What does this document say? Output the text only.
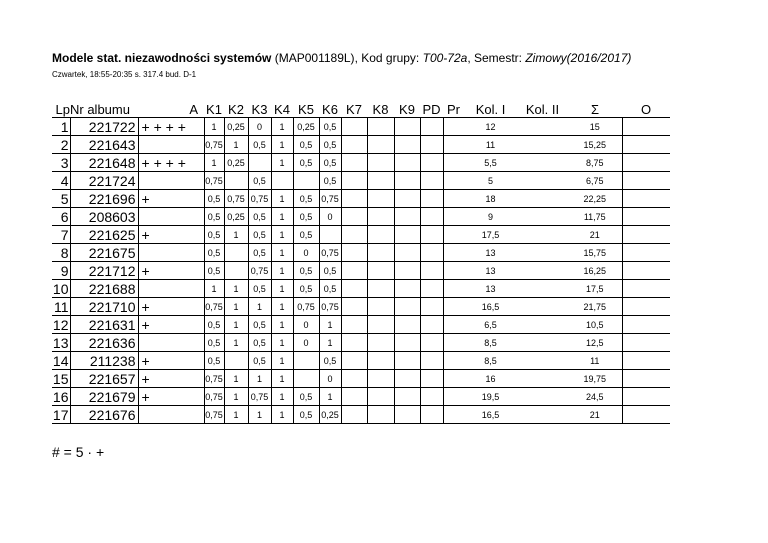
Modele stat. niezawodności systemów (MAP001189L), Kod grupy: T00-72a, Semestr: Zimowy(2016/2017)
Czwartek, 18:55-20:35 s. 317.4 bud. D-1
Lp	Nr albumu	A	K1	K2	K3	K4	K5	K6	K7	K8	K9	PD	Pr	Kol. I	Kol. II	Σ	O
1	221722	+ + + +	1	0,25	0	1	0,25	0,5						12		15	
2	221643		0,75	1	0,5	1	0,5	0,5						11		15,25	
3	221648	+ + + +	1	0,25		1	0,5	0,5						5,5		8,75	
4	221724		0,75		0,5			0,5						5		6,75	
5	221696	+	0,5	0,75	0,75	1	0,5	0,75						18		22,25	
6	208603		0,5	0,25	0,5	1	0,5	0						9		11,75	
7	221625	+	0,5	1	0,5	1	0,5							17,5		21	
8	221675		0,5		0,5	1	0	0,75						13		15,75	
9	221712	+	0,5		0,75	1	0,5	0,5						13		16,25	
10	221688		1	1	0,5	1	0,5	0,5						13		17,5	
11	221710	+	0,75	1	1	1	0,75	0,75						16,5		21,75	
12	221631	+	0,5	1	0,5	1	0	1						6,5		10,5	
13	221636		0,5	1	0,5	1	0	1						8,5		12,5	
14	211238	+	0,5		0,5	1		0,5						8,5		11	
15	221657	+	0,75	1	1	1		0						16		19,75	
16	221679	+	0,75	1	0,75	1	0,5	1						19,5		24,5	
17	221676		0,75	1	1	1	0,5	0,25						16,5		21	
# = 5 · +
